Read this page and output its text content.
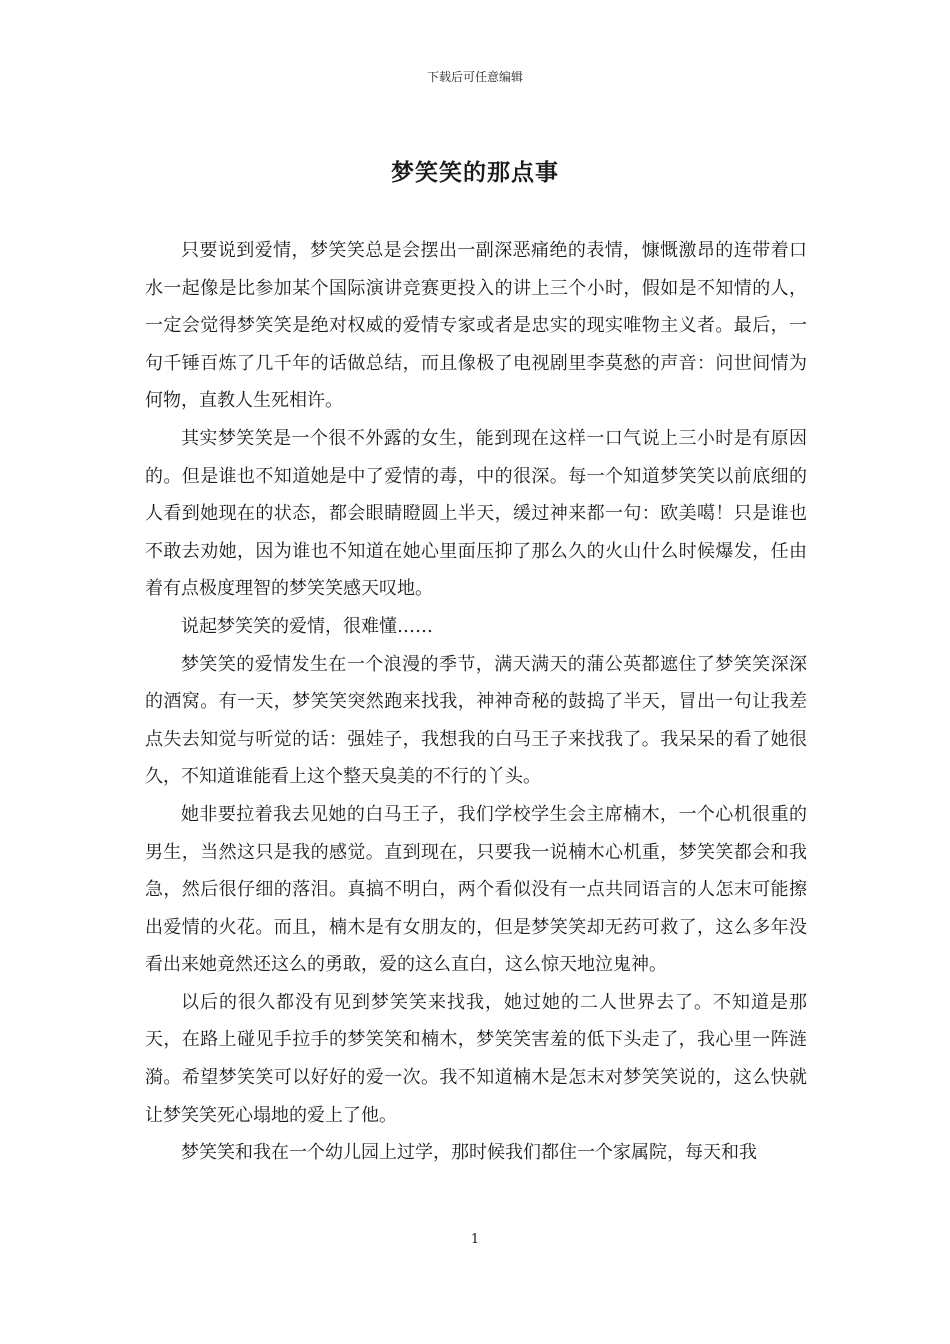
下载后可任意编辑
梦笑笑的那点事

只要说到爱情，梦笑笑总是会摆出一副深恶痛绝的表情，慷慨激昂的连带着口水一起像是比参加某个国际演讲竞赛更投入的讲上三个小时，假如是不知情的人，一定会觉得梦笑笑是绝对权威的爱情专家或者是忠实的现实唯物主义者。最后，一句千锤百炼了几千年的话做总结，而且像极了电视剧里李莫愁的声音：问世间情为何物，直教人生死相许。

其实梦笑笑是一个很不外露的女生，能到现在这样一口气说上三小时是有原因的。但是谁也不知道她是中了爱情的毒，中的很深。每一个知道梦笑笑以前底细的人看到她现在的状态，都会眼睛瞪圆上半天，缓过神来都一句：欧美噶！只是谁也不敢去劝她，因为谁也不知道在她心里面压抑了那么久的火山什么时候爆发，任由着有点极度理智的梦笑笑感天叹地。

说起梦笑笑的爱情，很难懂……

梦笑笑的爱情发生在一个浪漫的季节，满天满天的蒲公英都遮住了梦笑笑深深的酒窝。有一天，梦笑笑突然跑来找我，神神奇秘的鼓捣了半天，冒出一句让我差点失去知觉与听觉的话：强娃子，我想我的白马王子来找我了。我呆呆的看了她很久，不知道谁能看上这个整天臭美的不行的丫头。

她非要拉着我去见她的白马王子，我们学校学生会主席楠木，一个心机很重的男生，当然这只是我的感觉。直到现在，只要我一说楠木心机重，梦笑笑都会和我急，然后很仔细的落泪。真搞不明白，两个看似没有一点共同语言的人怎末可能擦出爱情的火花。而且，楠木是有女朋友的，但是梦笑笑却无药可救了，这么多年没看出来她竟然还这么的勇敢，爱的这么直白，这么惊天地泣鬼神。

以后的很久都没有见到梦笑笑来找我，她过她的二人世界去了。不知道是那天，在路上碰见手拉手的梦笑笑和楠木，梦笑笑害羞的低下头走了，我心里一阵涟漪。希望梦笑笑可以好好的爱一次。我不知道楠木是怎末对梦笑笑说的，这么快就让梦笑笑死心塌地的爱上了他。

梦笑笑和我在一个幼儿园上过学，那时候我们都住一个家属院，每天和我

1
